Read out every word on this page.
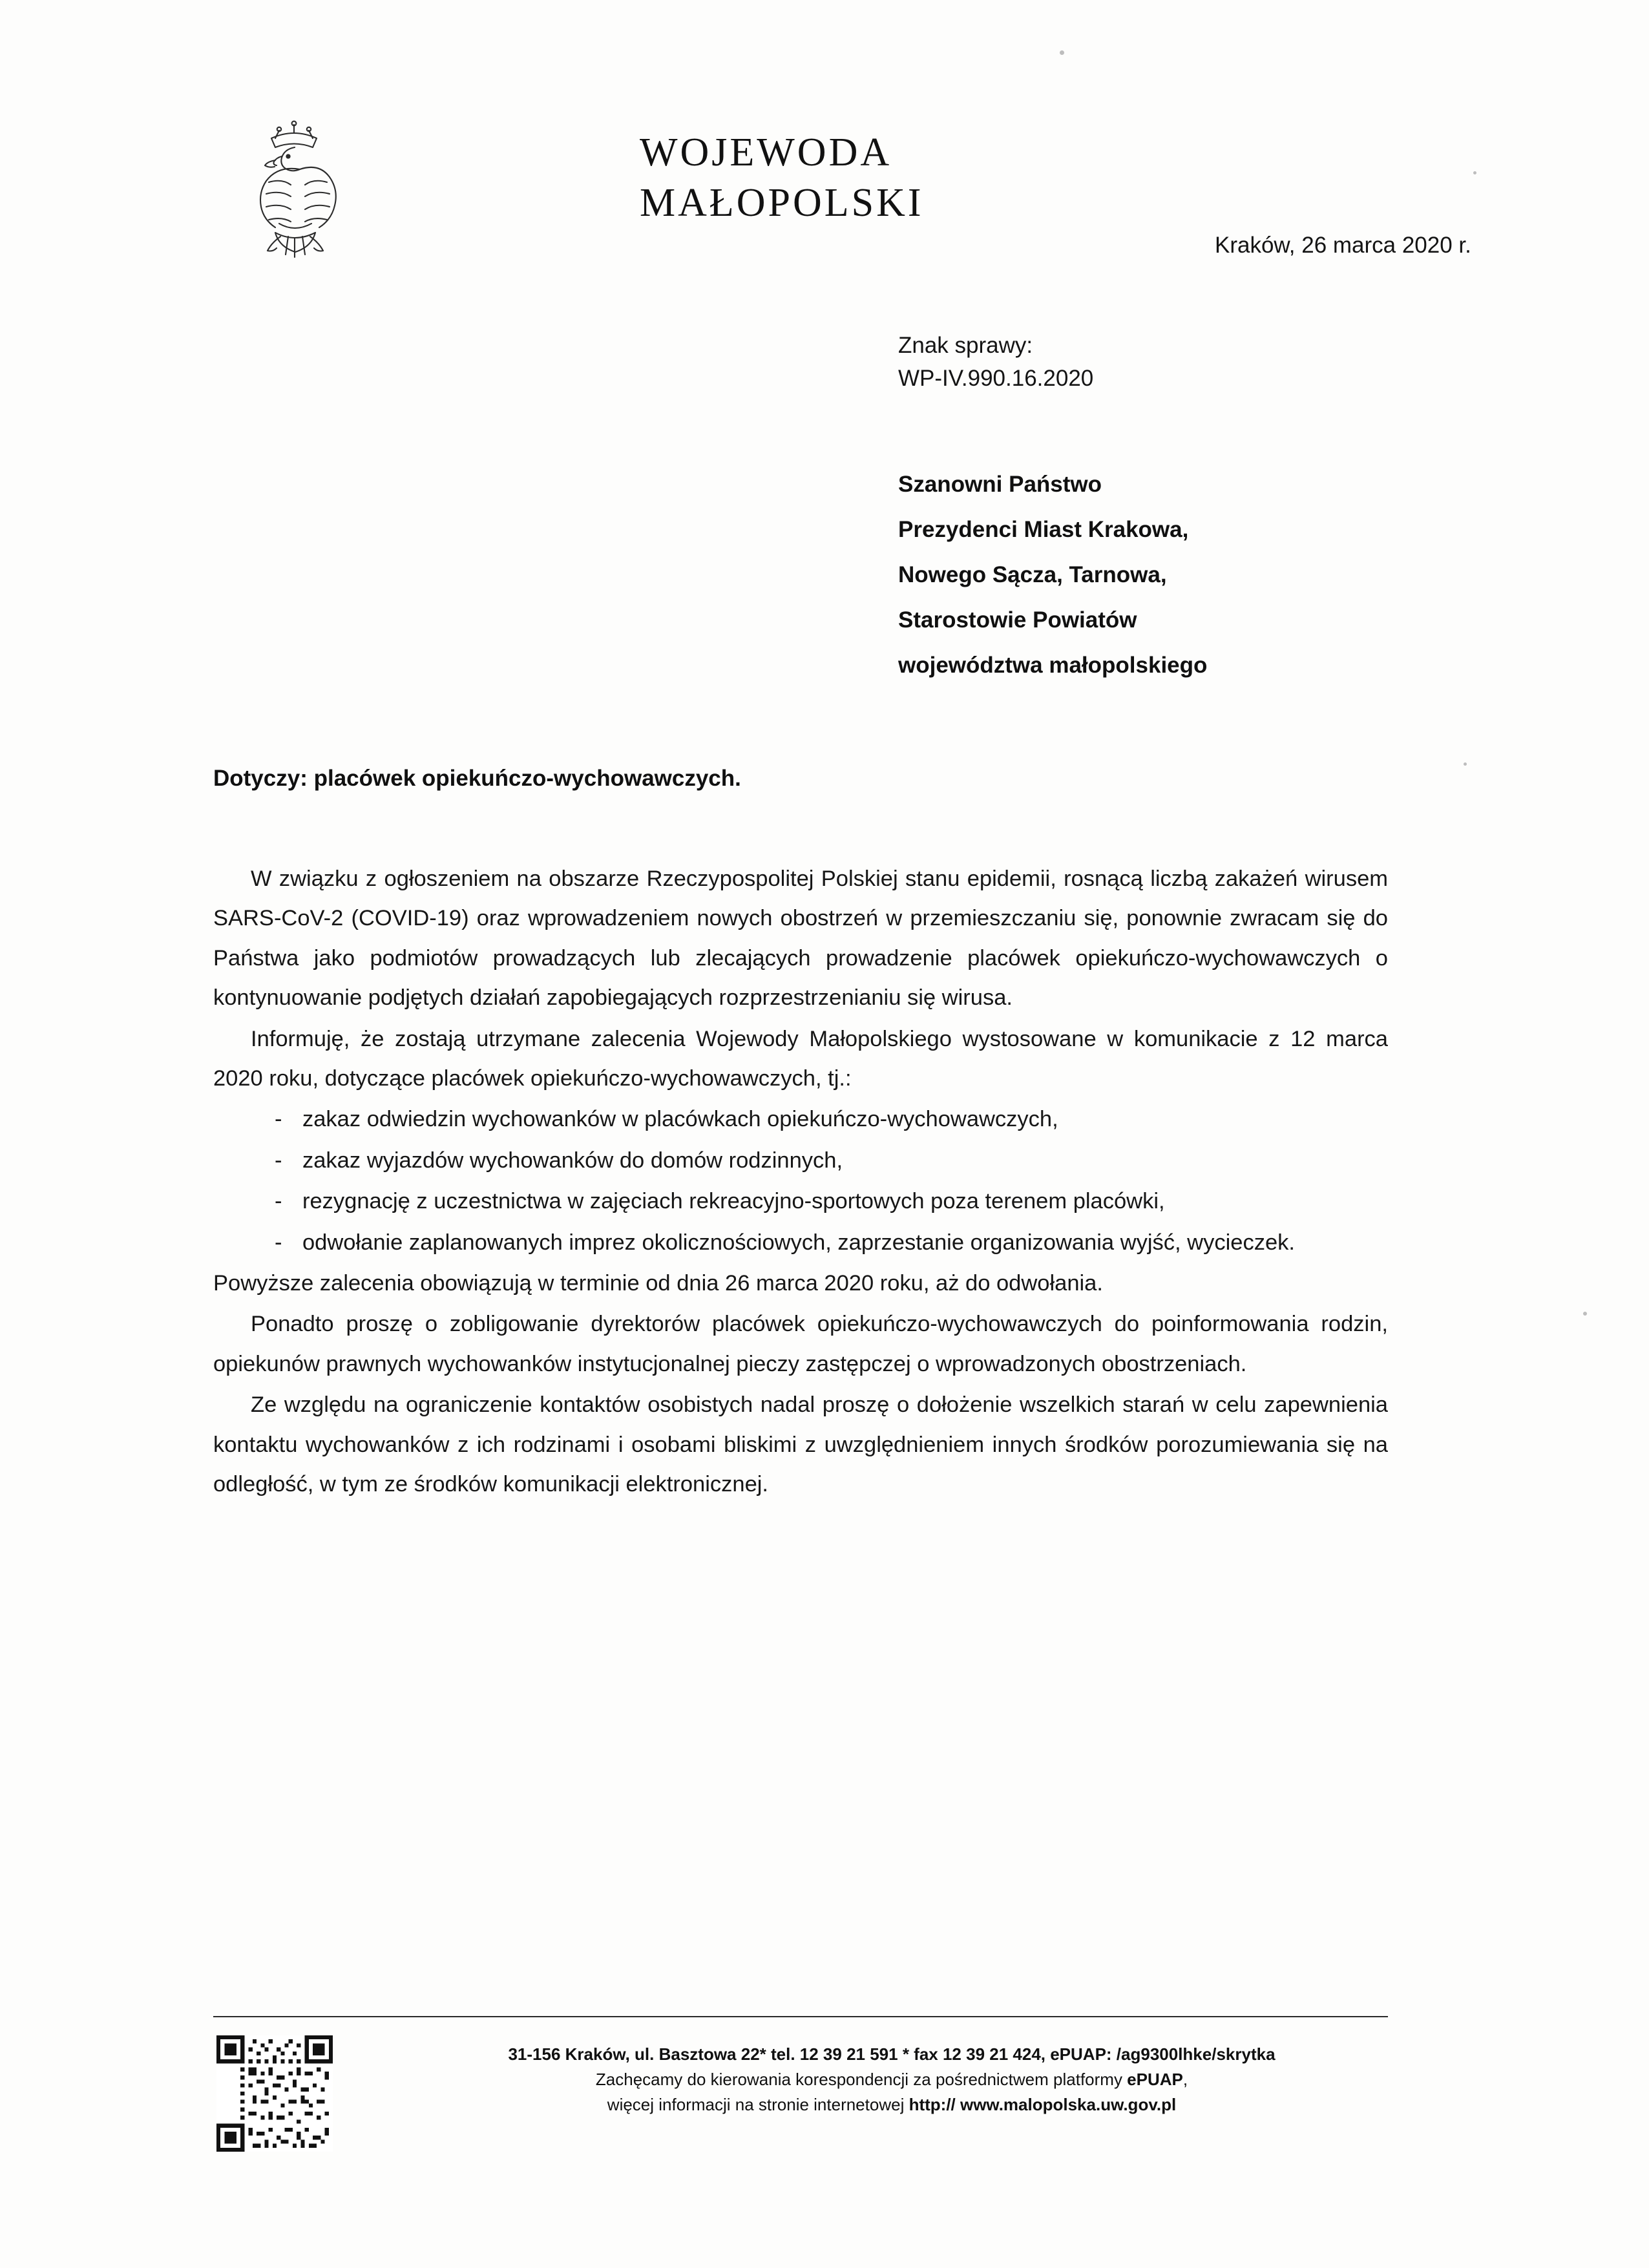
WOJEWODA
MAŁOPOLSKI
Kraków, 26 marca 2020 r.
Znak sprawy:
WP-IV.990.16.2020
Szanowni Państwo
Prezydenci Miast Krakowa,
Nowego Sącza, Tarnowa,
Starostowie Powiatów
województwa małopolskiego
Dotyczy: placówek opiekuńczo-wychowawczych.

W związku z ogłoszeniem na obszarze Rzeczypospolitej Polskiej stanu epidemii, rosnącą liczbą zakażeń wirusem SARS-CoV-2 (COVID-19) oraz wprowadzeniem nowych obostrzeń w przemieszczaniu się, ponownie zwracam się do Państwa jako podmiotów prowadzących lub zlecających prowadzenie placówek opiekuńczo-wychowawczych o kontynuowanie podjętych działań zapobiegających rozprzestrzenianiu się wirusa.

Informuję, że zostają utrzymane zalecenia Wojewody Małopolskiego wystosowane w komunikacie z 12 marca 2020 roku, dotyczące placówek opiekuńczo-wychowawczych, tj.:

- zakaz odwiedzin wychowanków w placówkach opiekuńczo-wychowawczych,
- zakaz wyjazdów wychowanków do domów rodzinnych,
- rezygnację z uczestnictwa w zajęciach rekreacyjno-sportowych poza terenem placówki,
- odwołanie zaplanowanych imprez okolicznościowych, zaprzestanie organizowania wyjść, wycieczek.

Powyższe zalecenia obowiązują w terminie od dnia 26 marca 2020 roku, aż do odwołania.

Ponadto proszę o zobligowanie dyrektorów placówek opiekuńczo-wychowawczych do poinformowania rodzin, opiekunów prawnych wychowanków instytucjonalnej pieczy zastępczej o wprowadzonych obostrzeniach.

Ze względu na ograniczenie kontaktów osobistych nadal proszę o dołożenie wszelkich starań w celu zapewnienia kontaktu wychowanków z ich rodzinami i osobami bliskimi z uwzględnieniem innych środków porozumiewania się na odległość, w tym ze środków komunikacji elektronicznej.

31-156 Kraków, ul. Basztowa 22* tel. 12 39 21 591 * fax 12 39 21 424, ePUAP: /ag9300lhke/skrytka
Zachęcamy do kierowania korespondencji za pośrednictwem platformy ePUAP,
więcej informacji na stronie internetowej http:// www.malopolska.uw.gov.pl
